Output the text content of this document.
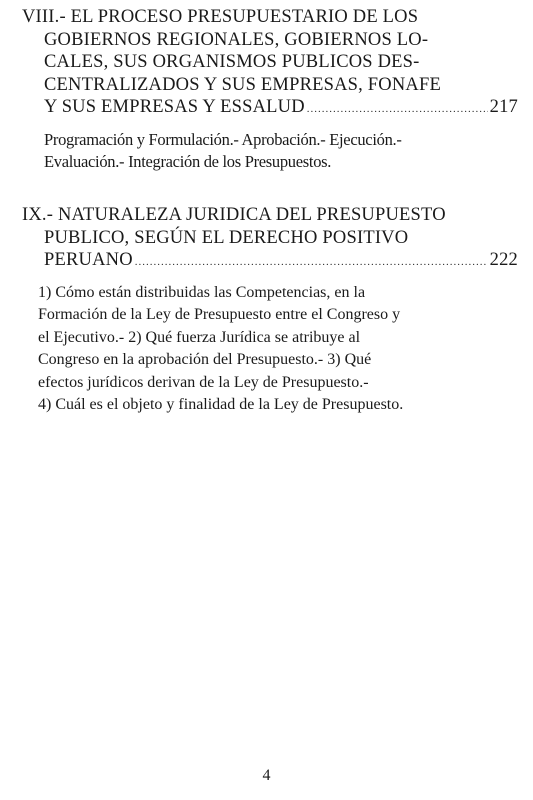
VIII.- EL PROCESO PRESUPUESTARIO DE LOS
GOBIERNOS REGIONALES, GOBIERNOS LO-
CALES, SUS ORGANISMOS PUBLICOS DES-
CENTRALIZADOS Y SUS EMPRESAS, FONAFE
Y SUS EMPRESAS Y ESSALUD .....	217
Programación y Formulación.- Aprobación.- Ejecución.-
Evaluación.- Integración de los Presupuestos.
IX.- NATURALEZA JURIDICA DEL PRESUPUESTO
PUBLICO, SEGÚN EL DERECHO POSITIVO
PERUANO .....	222
1) Cómo están distribuidas las Competencias, en la
Formación de la Ley de Presupuesto entre el Congreso y
el Ejecutivo.- 2) Qué fuerza Jurídica se atribuye al
Congreso en la aprobación del Presupuesto.- 3) Qué
efectos jurídicos derivan de la Ley de Presupuesto.-
4) Cuál es el objeto y finalidad de la Ley de Presupuesto.
4
